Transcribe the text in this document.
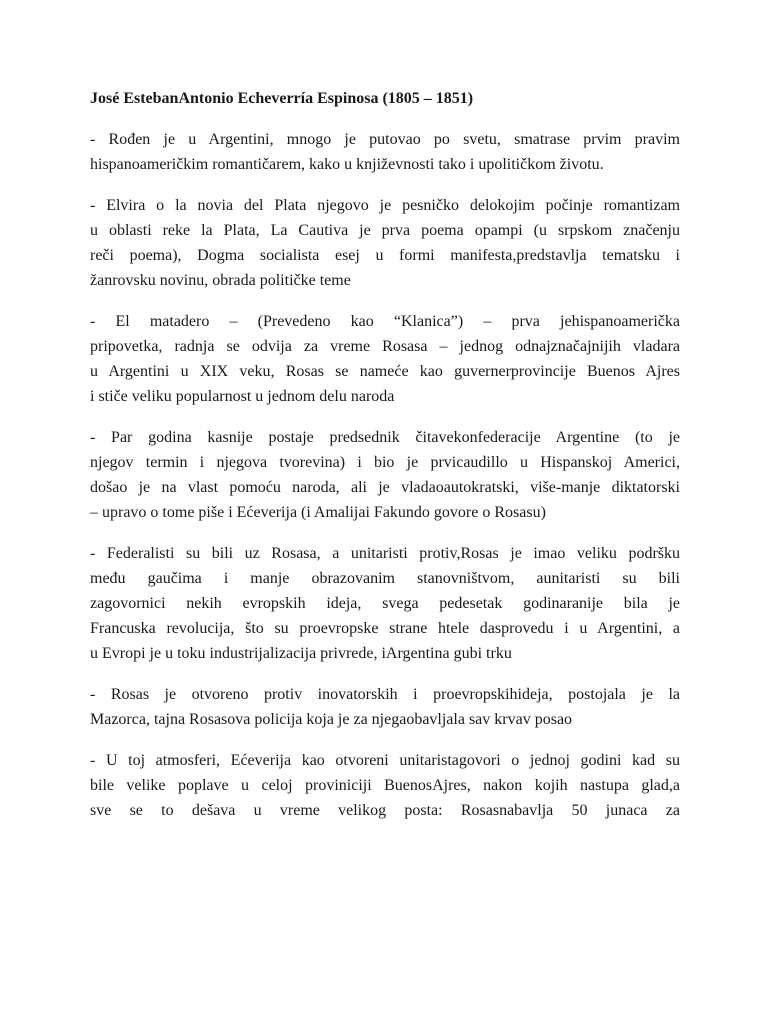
José EstebanAntonio Echeverría Espinosa (1805 – 1851)
- Rođen je u Argentini, mnogo je putovao po svetu, smatrase prvim pravim
hispanoameričkim romantičarem, kako u književnosti tako i upolitičkom životu.
- Elvira o la novia del Plata njegovo je pesničko delokojim počinje romantizam
u oblasti reke la Plata, La Cautiva je prva poema opampi (u srpskom značenju
reči poema), Dogma socialista esej u formi manifesta,predstavlja tematsku i
žanrovsku novinu, obrada političke teme
- El matadero – (Prevedeno kao “Klanica”) – prva jehispanoamerička
pripovetka, radnja se odvija za vreme Rosasa – jednog odnajznačajnijih vladara
u Argentini u XIX veku, Rosas se nameće kao guvernerprovincije Buenos Ajres
i stiče veliku popularnost u jednom delu naroda
- Par godina kasnije postaje predsednik čitavekonfederacije Argentine (to je
njegov termin i njegova tvorevina) i bio je prvicaudillo u Hispanskoj Americi,
došao je na vlast pomoću naroda, ali je vladaoautokratski, više-manje diktatorski
– upravo o tome piše i Ećeverija (i Amalijai Fakundo govore o Rosasu)
- Federalisti su bili uz Rosasa, a unitaristi protiv,Rosas je imao veliku podršku
među gaučima i manje obrazovanim stanovništvom, aunitaristi su bili
zagovornici nekih evropskih ideja, svega pedesetak godinaranije bila je
Francuska revolucija, što su proevropske strane htele dasprovedu i u Argentini, a
u Evropi je u toku industrijalizacija privrede, iArgentina gubi trku
- Rosas je otvoreno protiv inovatorskih i proevropskihideja, postojala je la
Mazorca, tajna Rosasova policija koja je za njegaobavljala sav krvav posao
- U toj atmosferi, Ećeverija kao otvoreni unitaristagovori o jednoj godini kad su
bile velike poplave u celoj proviniciji BuenosAjres, nakon kojih nastupa glad,a
sve se to dešava u vreme velikog posta: Rosasnabavlja 50 junaca za
